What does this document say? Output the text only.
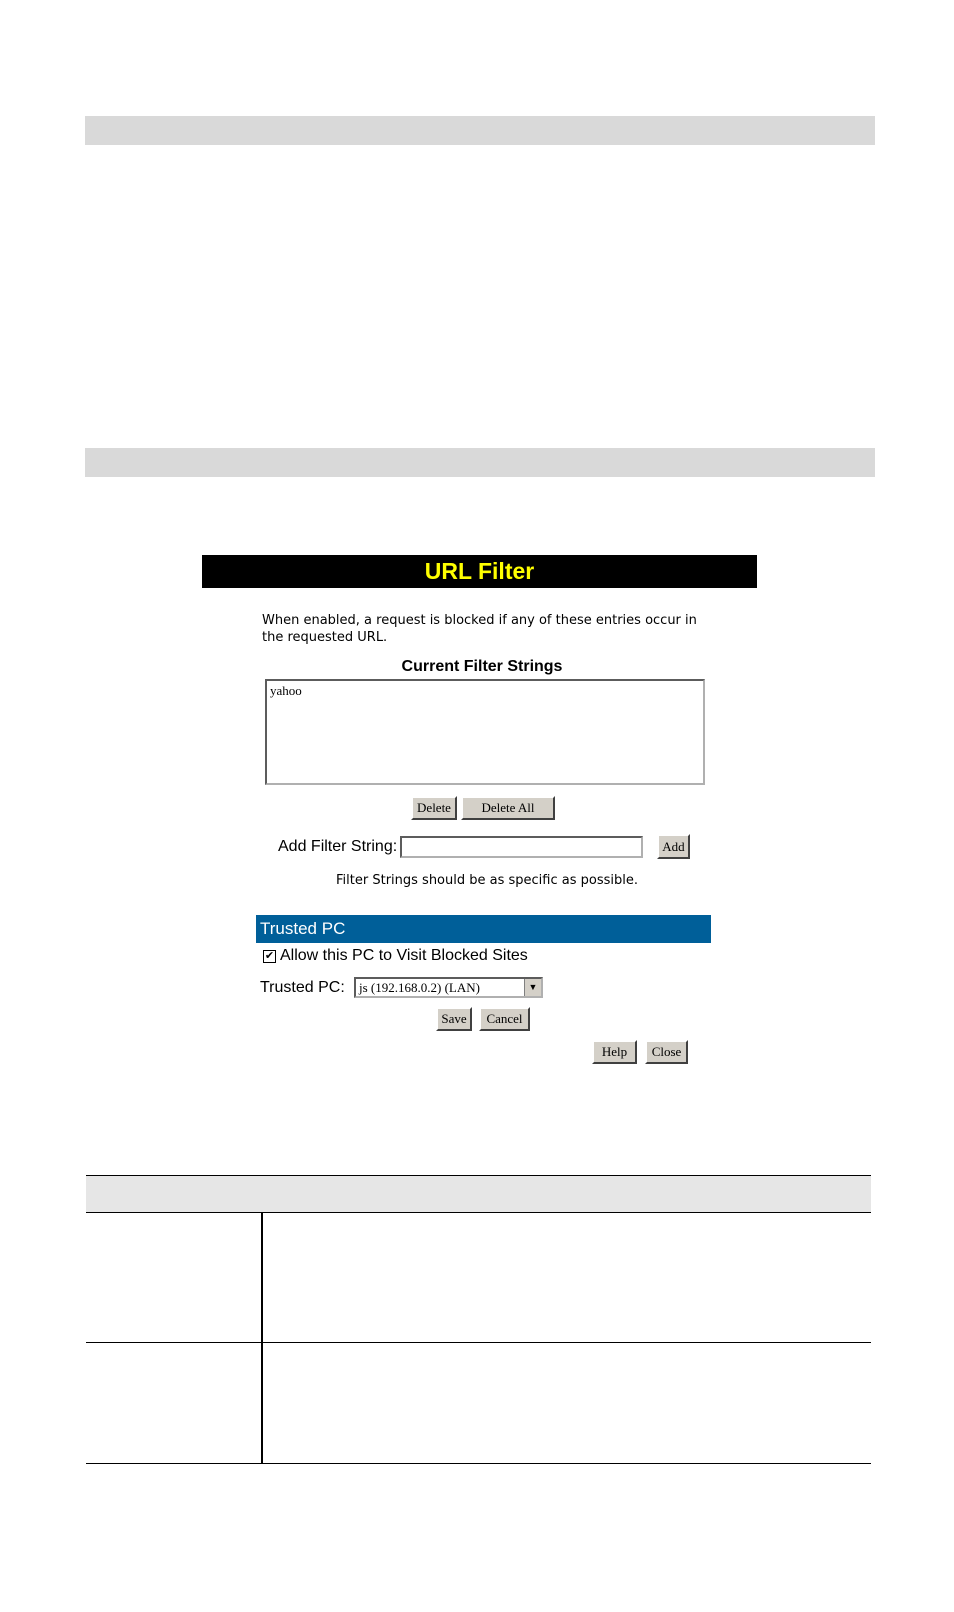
URL Filter
When enabled, a request is blocked if any of these entries occur in the requested URL.
Current Filter Strings
yahoo
Delete	Delete All
Add Filter String:	Add
Filter Strings should be as specific as possible.
Trusted PC
✔ Allow this PC to Visit Blocked Sites
Trusted PC:	js (192.168.0.2) (LAN)	▼
Save	Cancel
Help	Close
